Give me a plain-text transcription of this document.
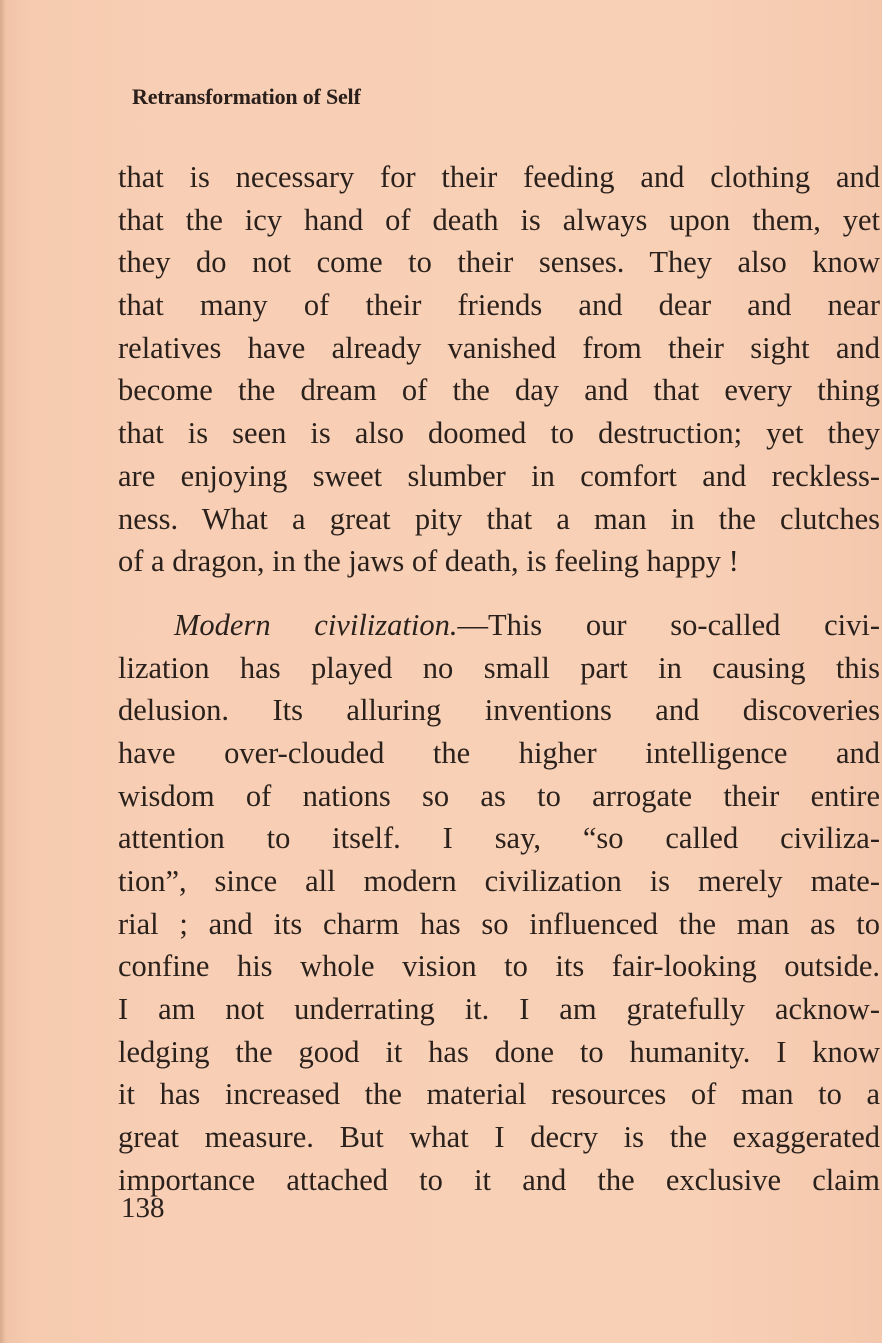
Retransformation of Self
that is necessary for their feeding and clothing and
that the icy hand of death is always upon them, yet
they do not come to their senses. They also know
that many of their friends and dear and near
relatives have already vanished from their sight and
become the dream of the day and that every thing
that is seen is also doomed to destruction; yet they
are enjoying sweet slumber in comfort and reckless-
ness. What a great pity that a man in the clutches
of a dragon, in the jaws of death, is feeling happy !
Modern civilization.—This our so-called civi-
lization has played no small part in causing this
delusion. Its alluring inventions and discoveries
have over-clouded the higher intelligence and
wisdom of nations so as to arrogate their entire
attention to itself. I say, “so called civiliza-
tion”, since all modern civilization is merely mate-
rial ; and its charm has so influenced the man as to
confine his whole vision to its fair-looking outside.
I am not underrating it. I am gratefully acknow-
ledging the good it has done to humanity. I know
it has increased the material resources of man to a
great measure. But what I decry is the exaggerated
importance attached to it and the exclusive claim
138
